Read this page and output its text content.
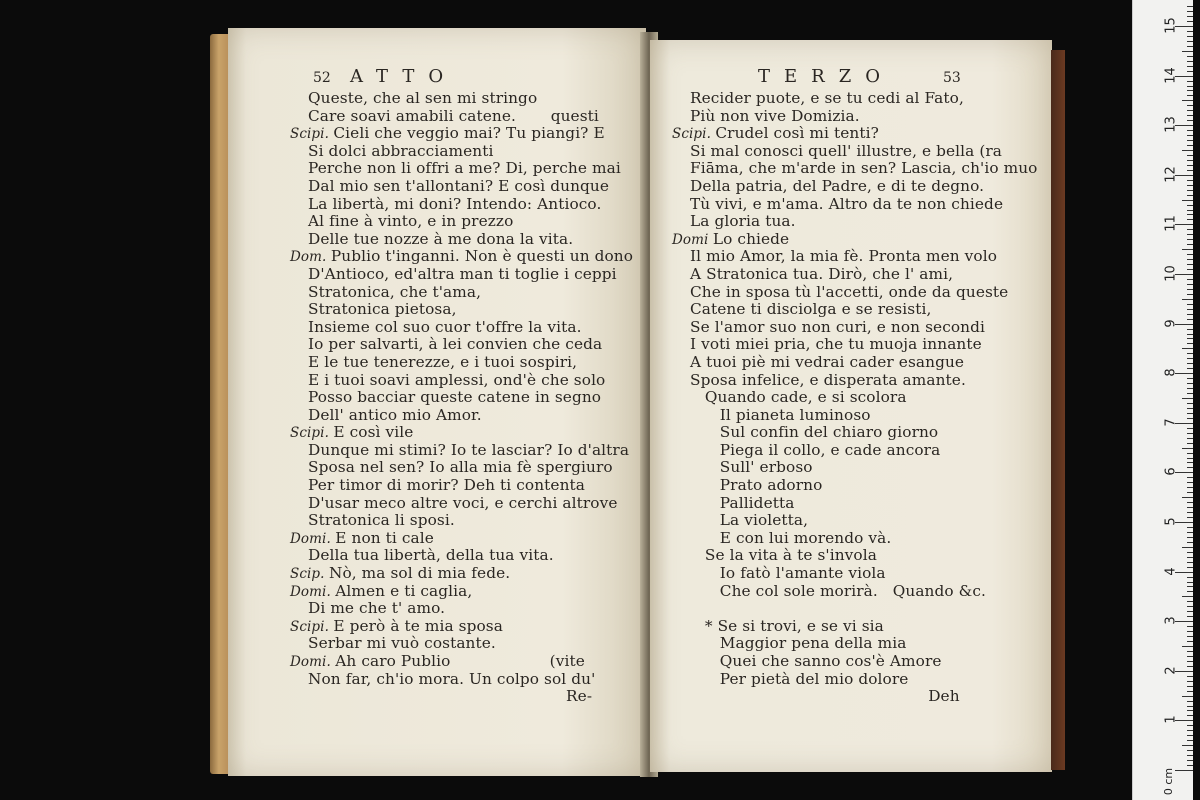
52 ATTO	TERZO	53
Queste, che al sen mi stringo
Care soavi amabili catene.       questi
Scipi. Cieli che veggio mai? Tu piangi? E
Si dolci abbracciamenti
Perche non li offri a me? Di, perche mai
Dal mio sen t'allontani? E così dunque
La libertà, mi doni? Intendo: Antioco.
Al fine à vinto, e in prezzo
Delle tue nozze à me dona la vita.
Dom. Publio t'inganni. Non è questi un dono
D'Antioco, ed'altra man ti toglie i ceppi
Stratonica, che t'ama,
Stratonica pietosa,
Insieme col suo cuor t'offre la vita.
Io per salvarti, à lei convien che ceda
E le tue tenerezze, e i tuoi sospiri,
E i tuoi soavi amplessi, ond'è che solo
Posso bacciar queste catene in segno
Dell' antico mio Amor.
Scipi. E così vile
Dunque mi stimi? Io te lasciar? Io d'altra
Sposa nel sen? Io alla mia fè spergiuro
Per timor di morir? Deh ti contenta
D'usar meco altre voci, e cerchi altrove
Stratonica li sposi.
Domi. E non ti cale
Della tua libertà, della tua vita.
Scip. Nò, ma sol di mia fede.
Domi. Almen e ti caglia,
Di me che t' amo.
Scipi. E però à te mia sposa
Serbar mi vuò costante.
Domi. Ah caro Publio                    (vite
Non far, ch'io mora. Un colpo sol du'
Re-
Recider puote, e se tu cedi al Fato,
Più non vive Domizia.
Scipi. Crudel così mi tenti?
Si mal conosci quell' illustre, e bella (ra
Fiāma, che m'arde in sen? Lascia, ch'io muo
Della patria, del Padre, e di te degno.
Tù vivi, e m'ama. Altro da te non chiede
La gloria tua.
Domi Lo chiede
Il mio Amor, la mia fè. Pronta men volo
A Stratonica tua. Dirò, che l' ami,
Che in sposa tù l'accetti, onde da queste
Catene ti disciolga e se resisti,
Se l'amor suo non curi, e non secondi
I voti miei pria, che tu muoja innante
A tuoi piè mi vedrai cader esangue
Sposa infelice, e disperata amante.
Quando cade, e si scolora
Il pianeta luminoso
Sul confin del chiaro giorno
Piega il collo, e cade ancora
Sull' erboso
Prato adorno
Pallidetta
La violetta,
E con lui morendo và.
Se la vita à te s'invola
Io fatò l'amante viola
Che col sole morirà.   Quando &c.
* Se si trovi, e se vi sia
Maggior pena della mia
Quei che sanno cos'è Amore
Per pietà del mio dolore
Deh
0 cm
15
14
13
12
11
10
9
8
7
6
5
4
3
2
1
